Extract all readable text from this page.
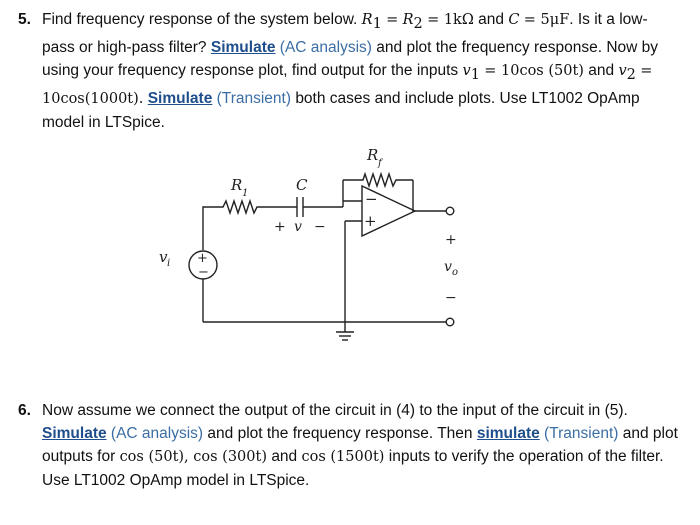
5. Find frequency response of the system below. $R_1 = R_2 = 1k\Omega$ and C = 5μF. Is it a low-pass or high-pass filter? Simulate (AC analysis) and plot the frequency response. Now by using your frequency response plot, find output for the inputs $v_1 = 10\cos$ (50t) and $v_2 = 10\cos(1000t)$. Simulate (Transient) both cases and include plots. Use LT1002 OpAmp model in LTSpice.
R f
−
+
R 1	C
+ v −
+
−
v i
+
v o
−
6. Now assume we connect the output of the circuit in (4) to the input of the circuit in (5). Simulate (AC analysis) and plot the frequency response. Then simulate (Transient) and plot outputs for cos (50t), cos (300t) and cos (1500t) inputs to verify the operation of the filter. Use LT1002 OpAmp model in LTSpice.
